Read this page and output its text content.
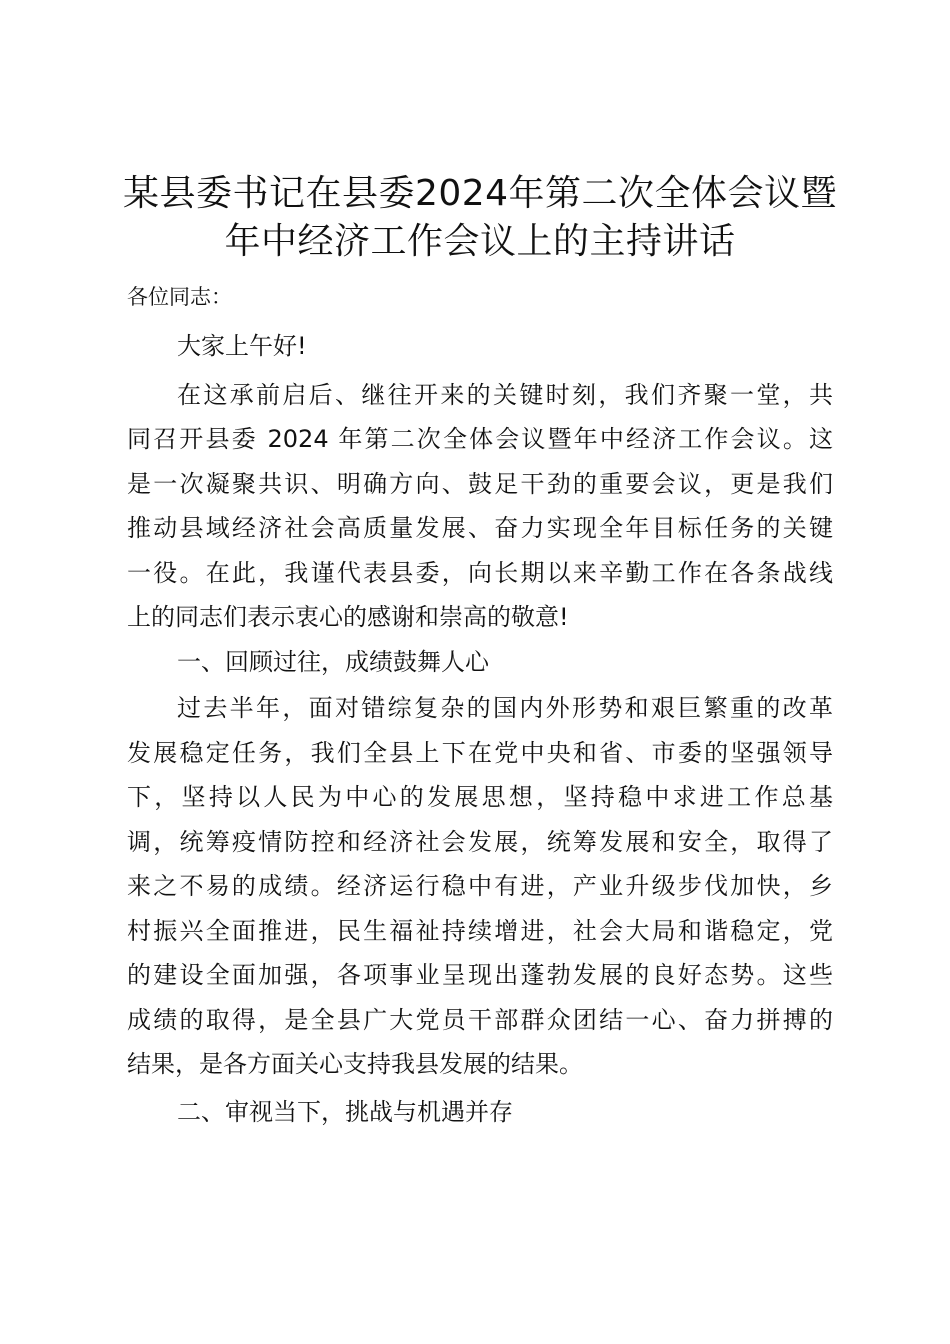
某县委书记在县委2024年第二次全体会议暨
年中经济工作会议上的主持讲话
各位同志：
大家上午好!
在这承前启后、继往开来的关键时刻，我们齐聚一堂，共
同召开县委 2024 年第二次全体会议暨年中经济工作会议。这
是一次凝聚共识、明确方向、鼓足干劲的重要会议，更是我们
推动县域经济社会高质量发展、奋力实现全年目标任务的关键
一役。在此，我谨代表县委，向长期以来辛勤工作在各条战线
上的同志们表示衷心的感谢和崇高的敬意!
一、回顾过往，成绩鼓舞人心
过去半年，面对错综复杂的国内外形势和艰巨繁重的改革
发展稳定任务，我们全县上下在党中央和省、市委的坚强领导
下，坚持以人民为中心的发展思想，坚持稳中求进工作总基
调，统筹疫情防控和经济社会发展，统筹发展和安全，取得了
来之不易的成绩。经济运行稳中有进，产业升级步伐加快，乡
村振兴全面推进，民生福祉持续增进，社会大局和谐稳定，党
的建设全面加强，各项事业呈现出蓬勃发展的良好态势。这些
成绩的取得，是全县广大党员干部群众团结一心、奋力拼搏的
结果，是各方面关心支持我县发展的结果。
二、审视当下，挑战与机遇并存
